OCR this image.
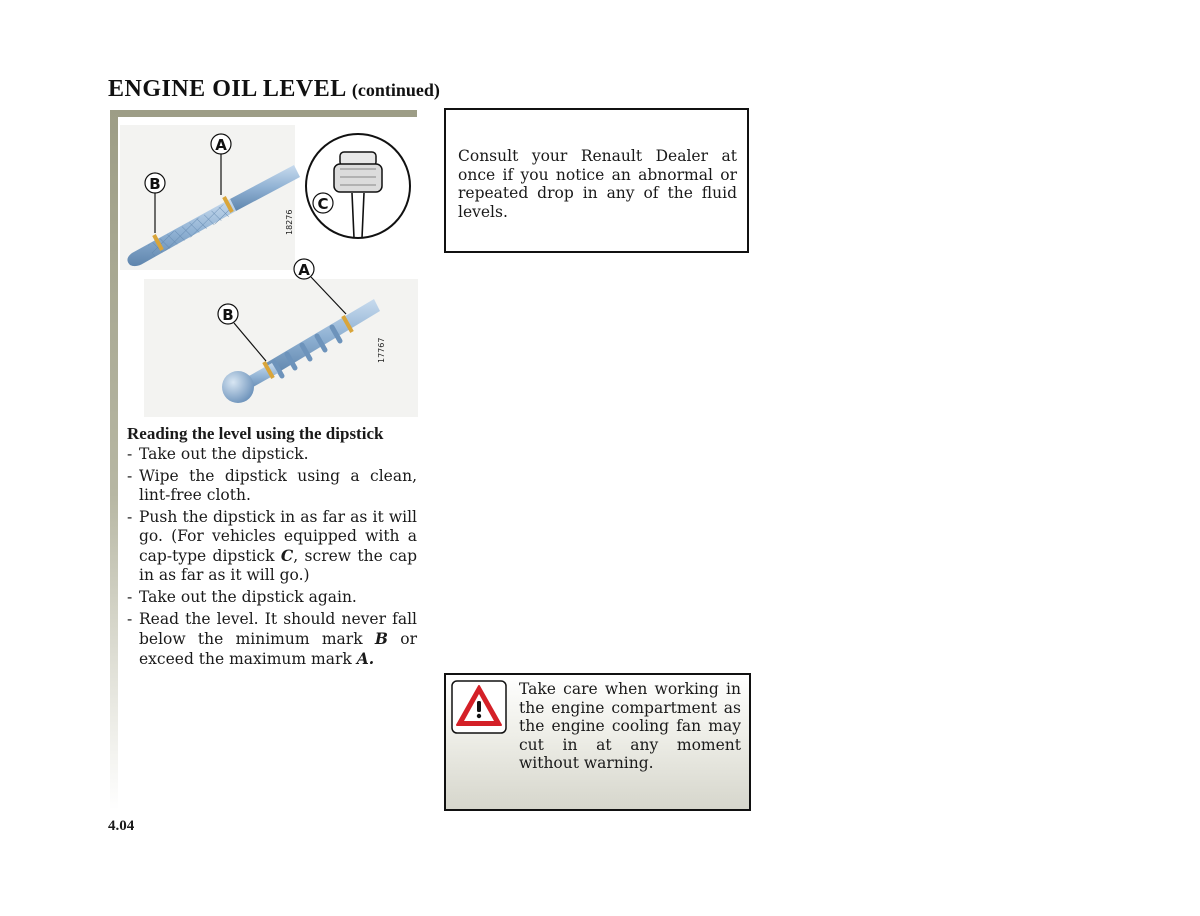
ENGINE OIL LEVEL (continued)
A
B
18276
C
A
B
17767
Reading the level using the dipstick
- Take out the dipstick.
- Wipe the dipstick using a clean, lint-free cloth.
- Push the dipstick in as far as it will go. (For vehicles equipped with a cap-type dipstick C, screw the cap in as far as it will go.)
- Take out the dipstick again.
- Read the level. It should never fall below the minimum mark B or exceed the maximum mark A.
Consult your Renault Dealer at once if you notice an abnormal or repeated drop in any of the fluid levels.
Take care when working in the engine compartment as the engine cooling fan may cut in at any moment without warning.
4.04
